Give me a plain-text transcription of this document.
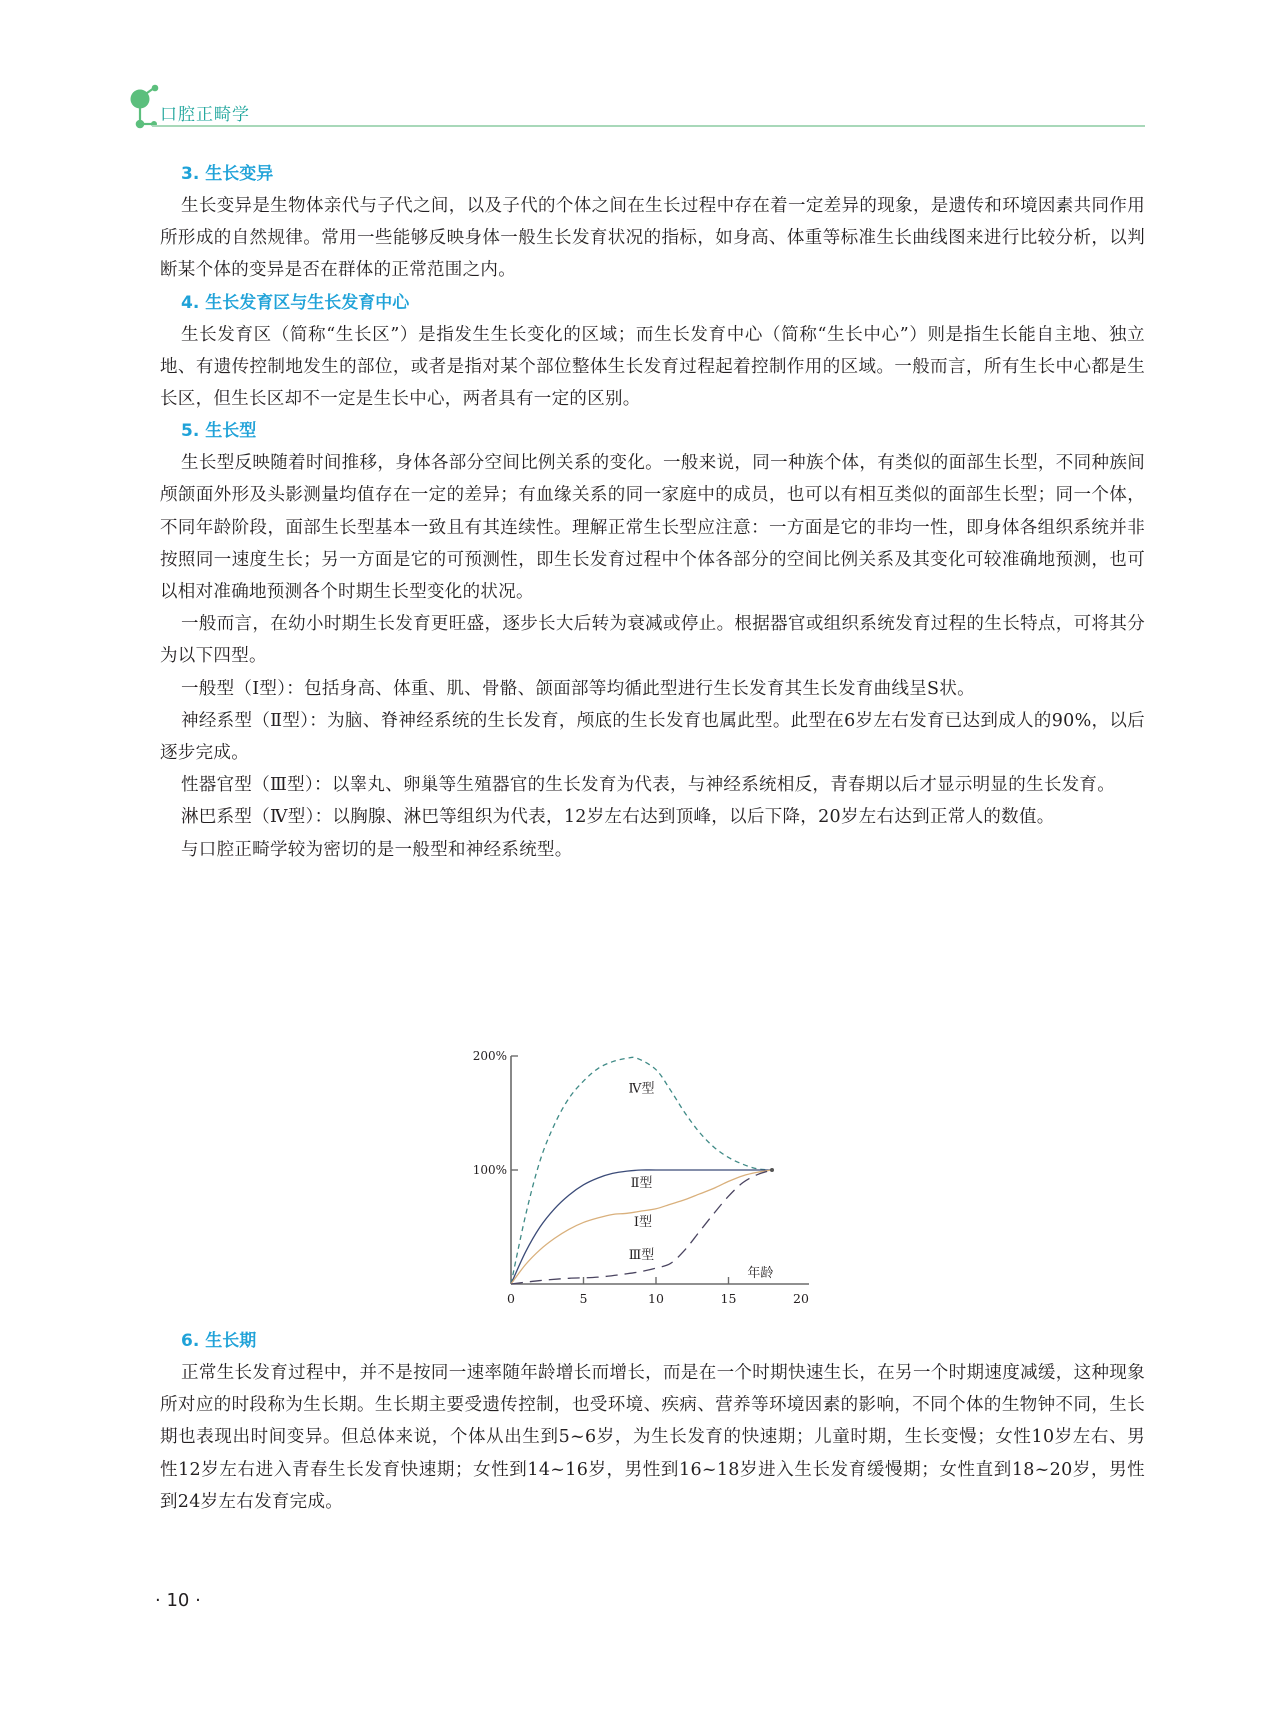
口腔正畸学
3. 生长变异

生长变异是生物体亲代与子代之间，以及子代的个体之间在生长过程中存在着一定差异的现象，是遗传和环境因素共同作用所形成的自然规律。常用一些能够反映身体一般生长发育状况的指标，如身高、体重等标准生长曲线图来进行比较分析，以判断某个体的变异是否在群体的正常范围之内。

4. 生长发育区与生长发育中心

生长发育区（简称“生长区”）是指发生生长变化的区域；而生长发育中心（简称“生长中心”）则是指生长能自主地、独立地、有遗传控制地发生的部位，或者是指对某个部位整体生长发育过程起着控制作用的区域。一般而言，所有生长中心都是生长区，但生长区却不一定是生长中心，两者具有一定的区别。

5. 生长型

生长型反映随着时间推移，身体各部分空间比例关系的变化。一般来说，同一种族个体，有类似的面部生长型，不同种族间颅颌面外形及头影测量均值存在一定的差异；有血缘关系的同一家庭中的成员，也可以有相互类似的面部生长型；同一个体，不同年龄阶段，面部生长型基本一致且有其连续性。理解正常生长型应注意：一方面是它的非均一性，即身体各组织系统并非按照同一速度生长；另一方面是它的可预测性，即生长发育过程中个体各部分的空间比例关系及其变化可较准确地预测，也可以相对准确地预测各个时期生长型变化的状况。

一般而言，在幼小时期生长发育更旺盛，逐步长大后转为衰减或停止。根据器官或组织系统发育过程的生长特点，可将其分为以下四型。

一般型（Ⅰ型）：包括身高、体重、肌、骨骼、颌面部等均循此型进行生长发育其生长发育曲线呈S状。

神经系型（Ⅱ型）：为脑、脊神经系统的生长发育，颅底的生长发育也属此型。此型在6岁左右发育已达到成人的90%，以后逐步完成。

性器官型（Ⅲ型）：以睾丸、卵巢等生殖器官的生长发育为代表，与神经系统相反，青春期以后才显示明显的生长发育。

淋巴系型（Ⅳ型）：以胸腺、淋巴等组织为代表，12岁左右达到顶峰，以后下降，20岁左右达到正常人的数值。

与口腔正畸学较为密切的是一般型和神经系统型。

100%
200%
0	5	10	15	20
年龄
Ⅳ型
Ⅱ型
Ⅰ型
Ⅲ型
6. 生长期

正常生长发育过程中，并不是按同一速率随年龄增长而增长，而是在一个时期快速生长，在另一个时期速度减缓，这种现象所对应的时段称为生长期。生长期主要受遗传控制，也受环境、疾病、营养等环境因素的影响，不同个体的生物钟不同，生长期也表现出时间变异。但总体来说，个体从出生到5~6岁，为生长发育的快速期；儿童时期，生长变慢；女性10岁左右、男性12岁左右进入青春生长发育快速期；女性到14~16岁，男性到16~18岁进入生长发育缓慢期；女性直到18~20岁，男性到24岁左右发育完成。

· 10 ·
